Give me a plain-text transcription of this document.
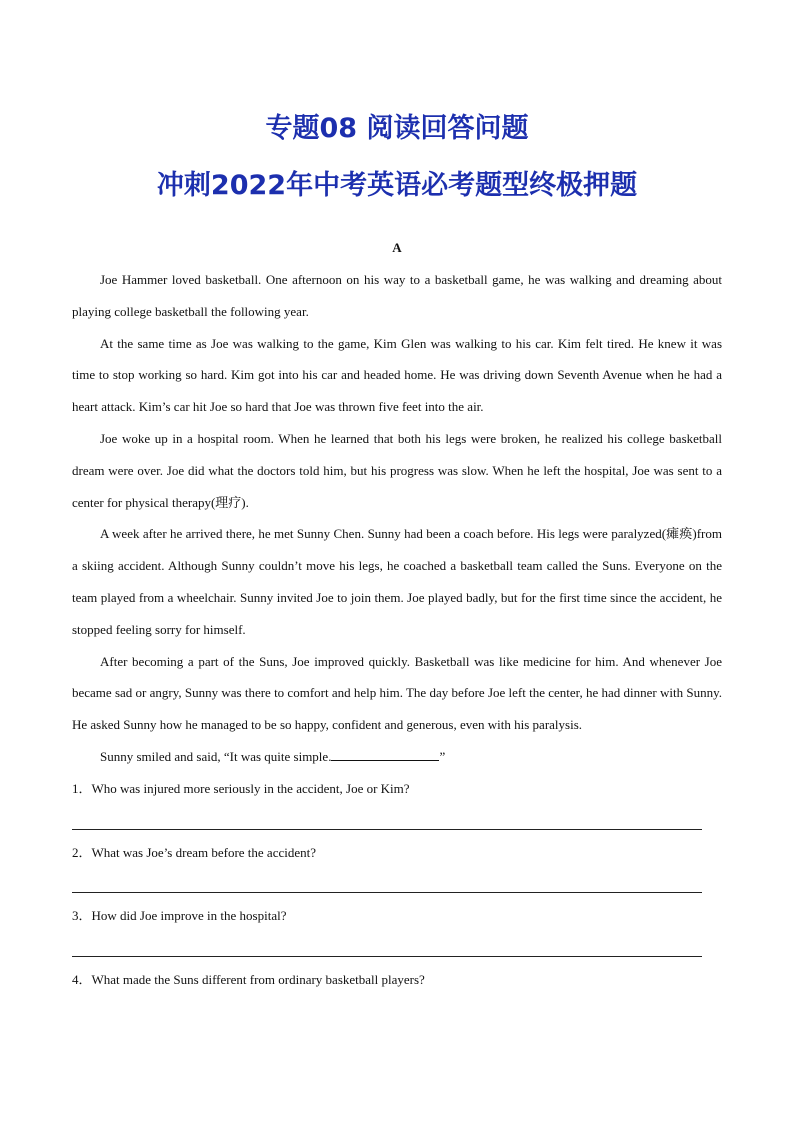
专题08 阅读回答问题
冲刺2022年中考英语必考题型终极押题
A

Joe Hammer loved basketball. One afternoon on his way to a basketball game, he was walking and dreaming about playing college basketball the following year.

At the same time as Joe was walking to the game, Kim Glen was walking to his car. Kim felt tired. He knew it was time to stop working so hard. Kim got into his car and headed home. He was driving down Seventh Avenue when he had a heart attack. Kim’s car hit Joe so hard that Joe was thrown five feet into the air.

Joe woke up in a hospital room. When he learned that both his legs were broken, he realized his college basketball dream were over. Joe did what the doctors told him, but his progress was slow. When he left the hospital, Joe was sent to a center for physical therapy(理疗).

A week after he arrived there, he met Sunny Chen. Sunny had been a coach before. His legs were paralyzed(瘫痪)from a skiing accident. Although Sunny couldn’t move his legs, he coached a basketball team called the Suns. Everyone on the team played from a wheelchair. Sunny invited Joe to join them. Joe played badly, but for the first time since the accident, he stopped feeling sorry for himself.

After becoming a part of the Suns, Joe improved quickly. Basketball was like medicine for him. And whenever Joe became sad or angry, Sunny was there to comfort and help him. The day before Joe left the center, he had dinner with Sunny. He asked Sunny how he managed to be so happy, confident and generous, even with his paralysis.

Sunny smiled and said, “It was quite simple.	”

1．Who was injured more seriously in the accident, Joe or Kim?
2．What was Joe’s dream before the accident?
3．How did Joe improve in the hospital?
4．What made the Suns different from ordinary basketball players?
